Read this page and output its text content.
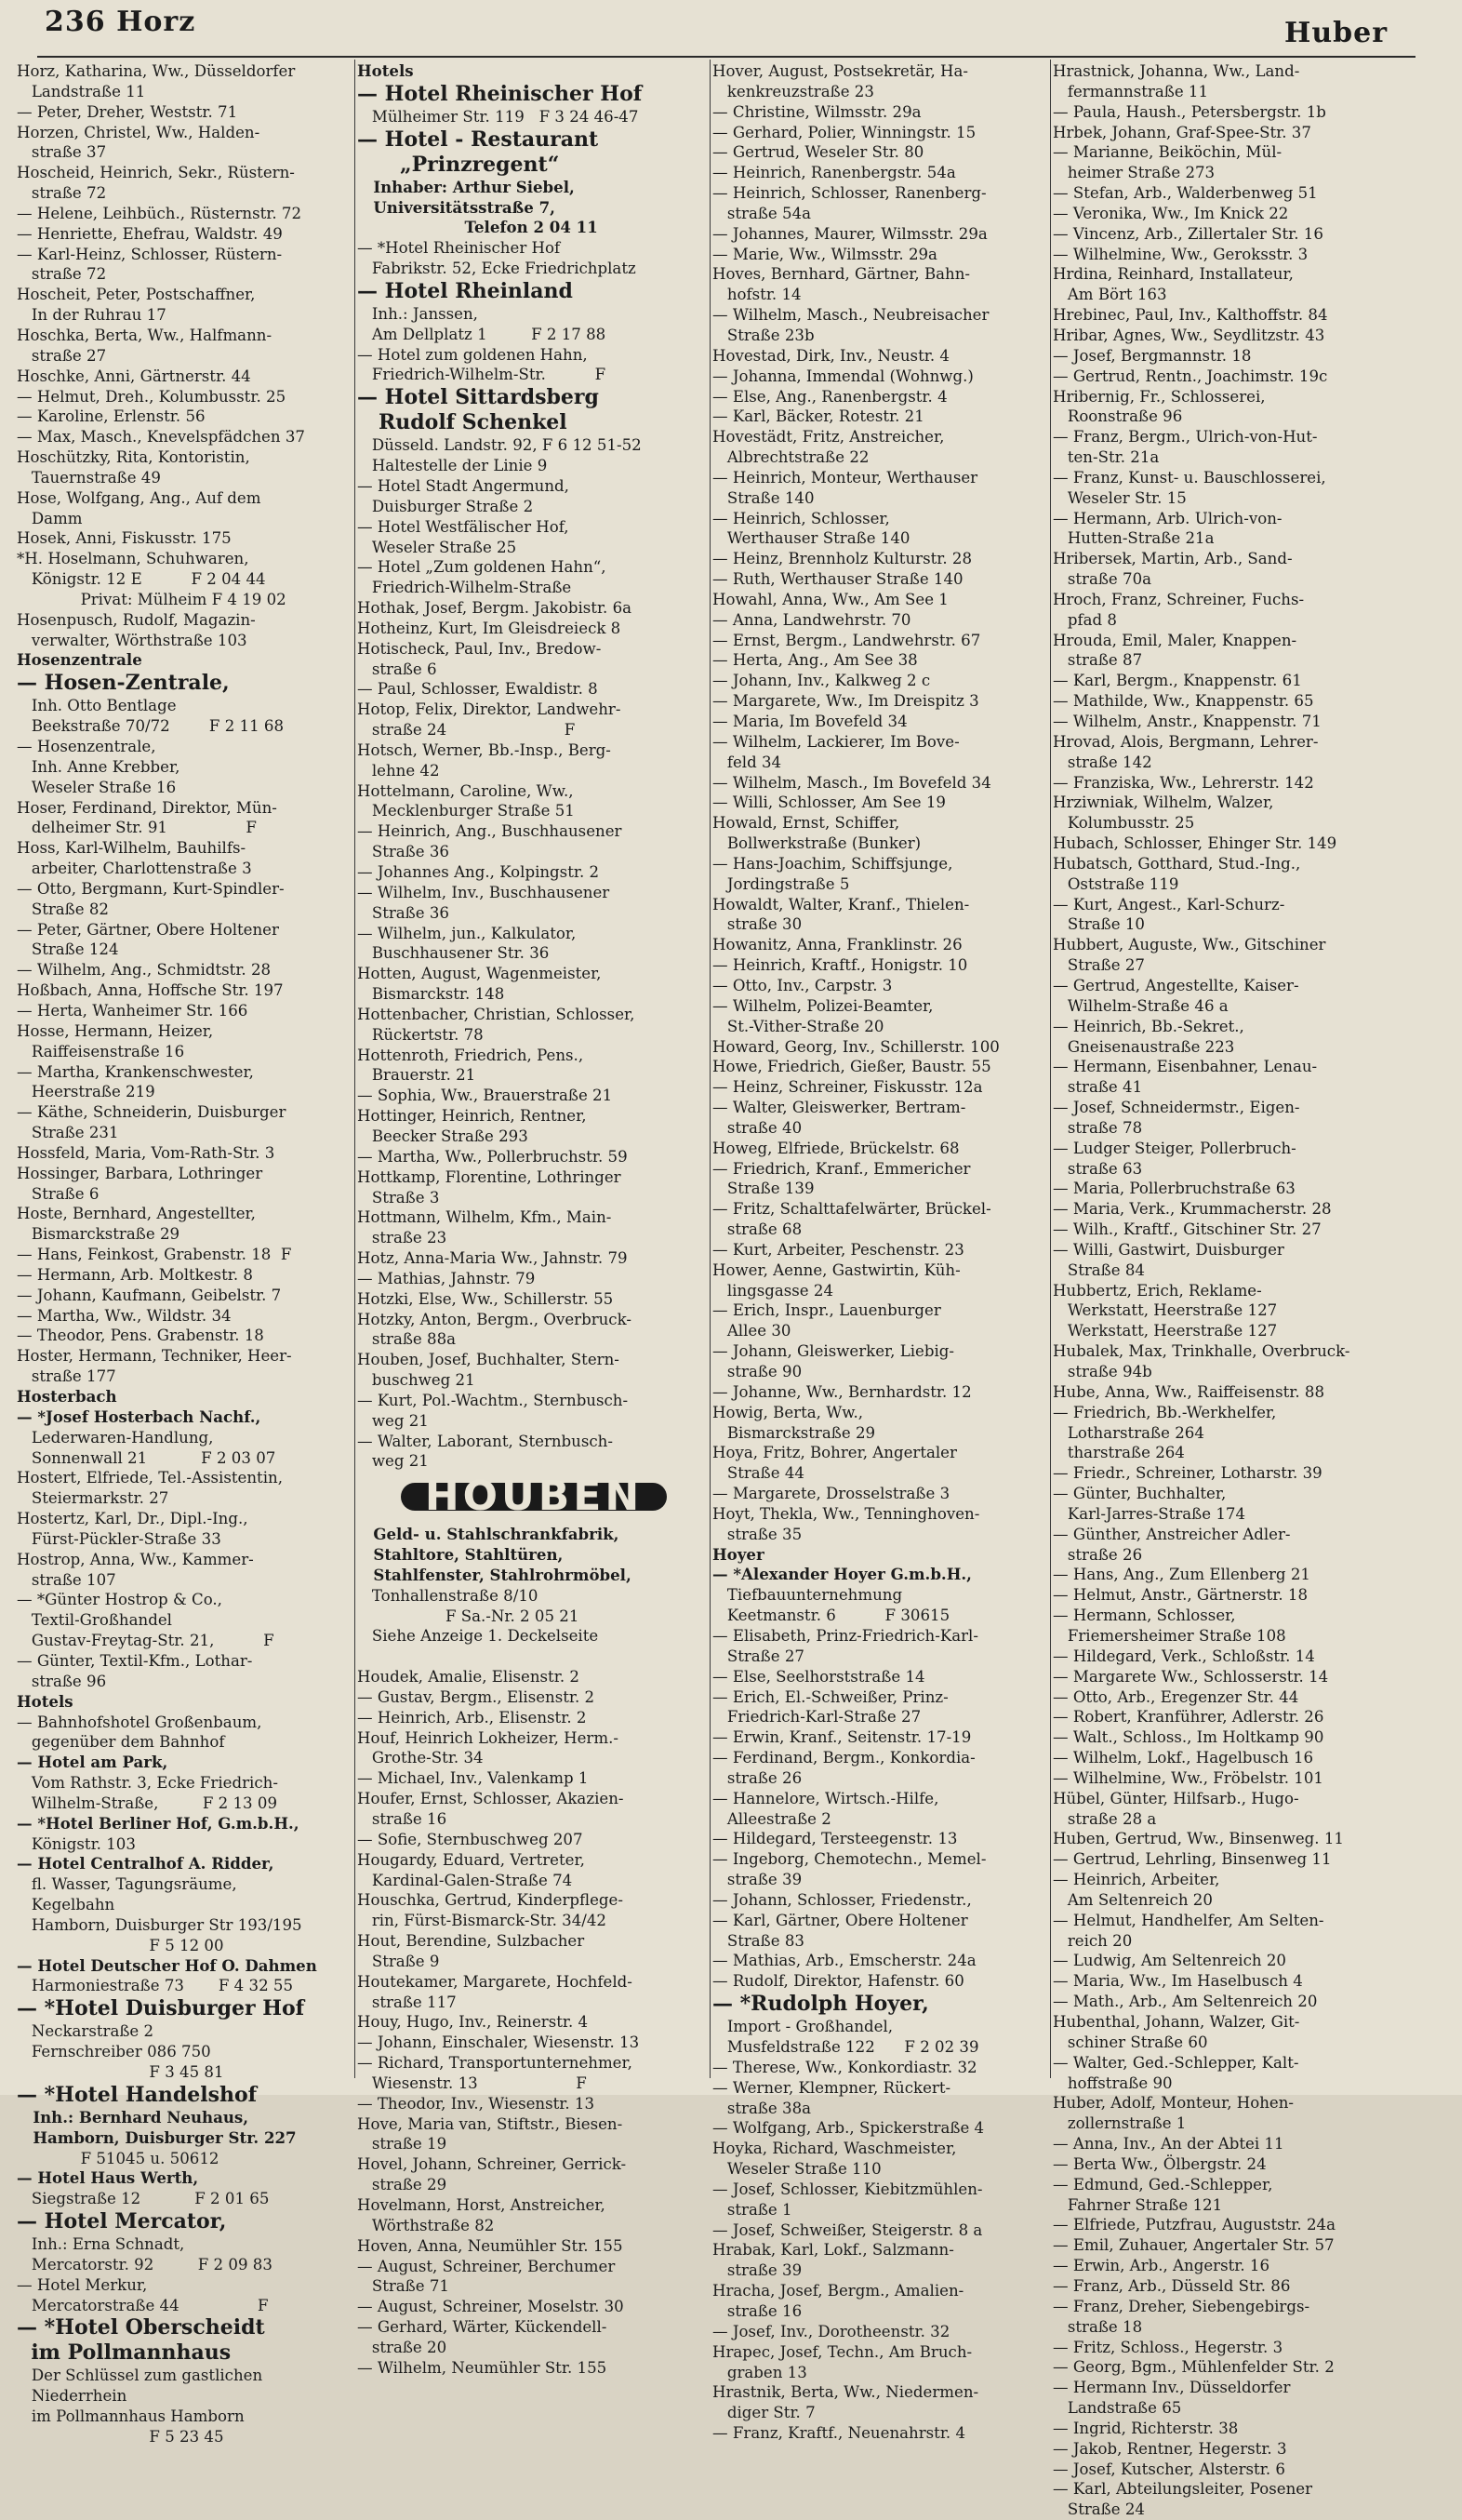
236 Horz	Huber
Horz, Katharina, Ww., Düsseldorfer
Landstraße 11
— Peter, Dreher, Weststr. 71
Horzen, Christel, Ww., Halden-
straße 37
Hoscheid, Heinrich, Sekr., Rüstern-
straße 72
— Helene, Leihbüch., Rüsternstr. 72
— Henriette, Ehefrau, Waldstr. 49
— Karl-Heinz, Schlosser, Rüstern-
straße 72
Hoscheit, Peter, Postschaffner,
In der Ruhrau 17
Hoschka, Berta, Ww., Halfmann-
straße 27
Hoschke, Anni, Gärtnerstr. 44
— Helmut, Dreh., Kolumbusstr. 25
— Karoline, Erlenstr. 56
— Max, Masch., Knevelspfädchen 37
Hoschützky, Rita, Kontoristin,
Tauernstraße 49
Hose, Wolfgang, Ang., Auf dem
Damm
Hosek, Anni, Fiskusstr. 175
*H. Hoselmann, Schuhwaren,
Königstr. 12 E          F 2 04 44
Privat: Mülheim F 4 19 02
Hosenpusch, Rudolf, Magazin-
verwalter, Wörthstraße 103
Hosenzentrale
— Hosen-Zentrale,
Inh. Otto Bentlage
Beekstraße 70/72        F 2 11 68
— Hosenzentrale,
Inh. Anne Krebber,
Weseler Straße 16
Hoser, Ferdinand, Direktor, Mün-
delheimer Str. 91                F
Hoss, Karl-Wilhelm, Bauhilfs-
arbeiter, Charlottenstraße 3
— Otto, Bergmann, Kurt-Spindler-
Straße 82
— Peter, Gärtner, Obere Holtener
Straße 124
— Wilhelm, Ang., Schmidtstr. 28
Hoßbach, Anna, Hoffsche Str. 197
— Herta, Wanheimer Str. 166
Hosse, Hermann, Heizer,
Raiffeisenstraße 16
— Martha, Krankenschwester,
Heerstraße 219
— Käthe, Schneiderin, Duisburger
Straße 231
Hossfeld, Maria, Vom-Rath-Str. 3
Hossinger, Barbara, Lothringer
Straße 6
Hoste, Bernhard, Angestellter,
Bismarckstraße 29
— Hans, Feinkost, Grabenstr. 18  F
— Hermann, Arb. Moltkestr. 8
— Johann, Kaufmann, Geibelstr. 7
— Martha, Ww., Wildstr. 34
— Theodor, Pens. Grabenstr. 18
Hoster, Hermann, Techniker, Heer-
straße 177
Hosterbach
— *Josef Hosterbach Nachf.,
Lederwaren-Handlung,
Sonnenwall 21           F 2 03 07
Hostert, Elfriede, Tel.-Assistentin,
Steiermarkstr. 27
Hostertz, Karl, Dr., Dipl.-Ing.,
Fürst-Pückler-Straße 33
Hostrop, Anna, Ww., Kammer-
straße 107
— *Günter Hostrop & Co.,
Textil-Großhandel
Gustav-Freytag-Str. 21,          F
— Günter, Textil-Kfm., Lothar-
straße 96
Hotels
— Bahnhofshotel Großenbaum,
gegenüber dem Bahnhof
— Hotel am Park,
Vom Rathstr. 3, Ecke Friedrich-
Wilhelm-Straße,         F 2 13 09
— *Hotel Berliner Hof, G.m.b.H.,
Königstr. 103
— Hotel Centralhof A. Ridder,
fl. Wasser, Tagungsräume,
Kegelbahn
Hamborn, Duisburger Str 193/195
F 5 12 00
— Hotel Deutscher Hof O. Dahmen
Harmoniestraße 73       F 4 32 55
— *Hotel Duisburger Hof
Neckarstraße 2
Fernschreiber 086 750
F 3 45 81
— *Hotel Handelshof
Inh.: Bernhard Neuhaus,
Hamborn, Duisburger Str. 227
F 51045 u. 50612
— Hotel Haus Werth,
Siegstraße 12           F 2 01 65
— Hotel Mercator,
Inh.: Erna Schnadt,
Mercatorstr. 92         F 2 09 83
— Hotel Merkur,
Mercatorstraße 44                F
— *Hotel Oberscheidt
im Pollmannhaus
Der Schlüssel zum gastlichen
Niederrhein
im Pollmannhaus Hamborn
F 5 23 45
Hotels
— Hotel Rheinischer Hof
Mülheimer Str. 119   F 3 24 46-47
— Hotel - Restaurant
„Prinzregent“
Inhaber: Arthur Siebel,
Universitätsstraße 7,
Telefon 2 04 11
— *Hotel Rheinischer Hof
Fabrikstr. 52, Ecke Friedrichplatz
— Hotel Rheinland
Inh.: Janssen,
Am Dellplatz 1         F 2 17 88
— Hotel zum goldenen Hahn,
Friedrich-Wilhelm-Str.          F
— Hotel Sittardsberg
Rudolf Schenkel
Düsseld. Landstr. 92, F 6 12 51-52
Haltestelle der Linie 9
— Hotel Stadt Angermund,
Duisburger Straße 2
— Hotel Westfälischer Hof,
Weseler Straße 25
— Hotel „Zum goldenen Hahn“,
Friedrich-Wilhelm-Straße
Hothak, Josef, Bergm. Jakobistr. 6a
Hotheinz, Kurt, Im Gleisdreieck 8
Hotischeck, Paul, Inv., Bredow-
straße 6
— Paul, Schlosser, Ewaldistr. 8
Hotop, Felix, Direktor, Landwehr-
straße 24                        F
Hotsch, Werner, Bb.-Insp., Berg-
lehne 42
Hottelmann, Caroline, Ww.,
Mecklenburger Straße 51
— Heinrich, Ang., Buschhausener
Straße 36
— Johannes Ang., Kolpingstr. 2
— Wilhelm, Inv., Buschhausener
Straße 36
— Wilhelm, jun., Kalkulator,
Buschhausener Str. 36
Hotten, August, Wagenmeister,
Bismarckstr. 148
Hottenbacher, Christian, Schlosser,
Rückertstr. 78
Hottenroth, Friedrich, Pens.,
Brauerstr. 21
— Sophia, Ww., Brauerstraße 21
Hottinger, Heinrich, Rentner,
Beecker Straße 293
— Martha, Ww., Pollerbruchstr. 59
Hottkamp, Florentine, Lothringer
Straße 3
Hottmann, Wilhelm, Kfm., Main-
straße 23
Hotz, Anna-Maria Ww., Jahnstr. 79
— Mathias, Jahnstr. 79
Hotzki, Else, Ww., Schillerstr. 55
Hotzky, Anton, Bergm., Overbruck-
straße 88a
Houben, Josef, Buchhalter, Stern-
buschweg 21
— Kurt, Pol.-Wachtm., Sternbusch-
weg 21
— Walter, Laborant, Sternbusch-
weg 21
HOUBEN
Geld- u. Stahlschrankfabrik,
Stahltore, Stahltüren,
Stahlfenster, Stahlrohrmöbel,
Tonhallenstraße 8/10
F Sa.-Nr. 2 05 21
Siehe Anzeige 1. Deckelseite

Houdek, Amalie, Elisenstr. 2
— Gustav, Bergm., Elisenstr. 2
— Heinrich, Arb., Elisenstr. 2
Houf, Heinrich Lokheizer, Herm.-
Grothe-Str. 34
— Michael, Inv., Valenkamp 1
Houfer, Ernst, Schlosser, Akazien-
straße 16
— Sofie, Sternbuschweg 207
Hougardy, Eduard, Vertreter,
Kardinal-Galen-Straße 74
Houschka, Gertrud, Kinderpflege-
rin, Fürst-Bismarck-Str. 34/42
Hout, Berendine, Sulzbacher
Straße 9
Houtekamer, Margarete, Hochfeld-
straße 117
Houy, Hugo, Inv., Reinerstr. 4
— Johann, Einschaler, Wiesenstr. 13
— Richard, Transportunternehmer,
Wiesenstr. 13                    F
— Theodor, Inv., Wiesenstr. 13
Hove, Maria van, Stiftstr., Biesen-
straße 19
Hovel, Johann, Schreiner, Gerrick-
straße 29
Hovelmann, Horst, Anstreicher,
Wörthstraße 82
Hoven, Anna, Neumühler Str. 155
— August, Schreiner, Berchumer
Straße 71
— August, Schreiner, Moselstr. 30
— Gerhard, Wärter, Kückendell-
straße 20
— Wilhelm, Neumühler Str. 155
Hover, August, Postsekretär, Ha-
kenkreuzstraße 23
— Christine, Wilmsstr. 29a
— Gerhard, Polier, Winningstr. 15
— Gertrud, Weseler Str. 80
— Heinrich, Ranenbergstr. 54a
— Heinrich, Schlosser, Ranenberg-
straße 54a
— Johannes, Maurer, Wilmsstr. 29a
— Marie, Ww., Wilmsstr. 29a
Hoves, Bernhard, Gärtner, Bahn-
hofstr. 14
— Wilhelm, Masch., Neubreisacher
Straße 23b
Hovestad, Dirk, Inv., Neustr. 4
— Johanna, Immendal (Wohnwg.)
— Else, Ang., Ranenbergstr. 4
— Karl, Bäcker, Rotestr. 21
Hovestädt, Fritz, Anstreicher,
Albrechtstraße 22
— Heinrich, Monteur, Werthauser
Straße 140
— Heinrich, Schlosser,
Werthauser Straße 140
— Heinz, Brennholz Kulturstr. 28
— Ruth, Werthauser Straße 140
Howahl, Anna, Ww., Am See 1
— Anna, Landwehrstr. 70
— Ernst, Bergm., Landwehrstr. 67
— Herta, Ang., Am See 38
— Johann, Inv., Kalkweg 2 c
— Margarete, Ww., Im Dreispitz 3
— Maria, Im Bovefeld 34
— Wilhelm, Lackierer, Im Bove-
feld 34
— Wilhelm, Masch., Im Bovefeld 34
— Willi, Schlosser, Am See 19
Howald, Ernst, Schiffer,
Bollwerkstraße (Bunker)
— Hans-Joachim, Schiffsjunge,
Jordingstraße 5
Howaldt, Walter, Kranf., Thielen-
straße 30
Howanitz, Anna, Franklinstr. 26
— Heinrich, Kraftf., Honigstr. 10
— Otto, Inv., Carpstr. 3
— Wilhelm, Polizei-Beamter,
St.-Vither-Straße 20
Howard, Georg, Inv., Schillerstr. 100
Howe, Friedrich, Gießer, Baustr. 55
— Heinz, Schreiner, Fiskusstr. 12a
— Walter, Gleiswerker, Bertram-
straße 40
Howeg, Elfriede, Brückelstr. 68
— Friedrich, Kranf., Emmericher
Straße 139
— Fritz, Schalttafelwärter, Brückel-
straße 68
— Kurt, Arbeiter, Peschenstr. 23
Hower, Aenne, Gastwirtin, Küh-
lingsgasse 24
— Erich, Inspr., Lauenburger
Allee 30
— Johann, Gleiswerker, Liebig-
straße 90
— Johanne, Ww., Bernhardstr. 12
Howig, Berta, Ww.,
Bismarckstraße 29
Hoya, Fritz, Bohrer, Angertaler
Straße 44
— Margarete, Drosselstraße 3
Hoyt, Thekla, Ww., Tenninghoven-
straße 35
Hoyer
— *Alexander Hoyer G.m.b.H.,
Tiefbauunternehmung
Keetmanstr. 6          F 30615
— Elisabeth, Prinz-Friedrich-Karl-
Straße 27
— Else, Seelhorststraße 14
— Erich, El.-Schweißer, Prinz-
Friedrich-Karl-Straße 27
— Erwin, Kranf., Seitenstr. 17-19
— Ferdinand, Bergm., Konkordia-
straße 26
— Hannelore, Wirtsch.-Hilfe,
Alleestraße 2
— Hildegard, Tersteegenstr. 13
— Ingeborg, Chemotechn., Memel-
straße 39
— Johann, Schlosser, Friedenstr.,
— Karl, Gärtner, Obere Holtener
Straße 83
— Mathias, Arb., Emscherstr. 24a
— Rudolf, Direktor, Hafenstr. 60
— *Rudolph Hoyer,
Import - Großhandel,
Musfeldstraße 122      F 2 02 39
— Therese, Ww., Konkordiastr. 32
— Werner, Klempner, Rückert-
straße 38a
— Wolfgang, Arb., Spickerstraße 4
Hoyka, Richard, Waschmeister,
Weseler Straße 110
— Josef, Schlosser, Kiebitzmühlen-
straße 1
— Josef, Schweißer, Steigerstr. 8 a
Hrabak, Karl, Lokf., Salzmann-
straße 39
Hracha, Josef, Bergm., Amalien-
straße 16
— Josef, Inv., Dorotheenstr. 32
Hrapec, Josef, Techn., Am Bruch-
graben 13
Hrastnik, Berta, Ww., Niedermen-
diger Str. 7
— Franz, Kraftf., Neuenahrstr. 4
Hrastnick, Johanna, Ww., Land-
fermannstraße 11
— Paula, Haush., Petersbergstr. 1b
Hrbek, Johann, Graf-Spee-Str. 37
— Marianne, Beiköchin, Mül-
heimer Straße 273
— Stefan, Arb., Walderbenweg 51
— Veronika, Ww., Im Knick 22
— Vincenz, Arb., Zillertaler Str. 16
— Wilhelmine, Ww., Geroksstr. 3
Hrdina, Reinhard, Installateur,
Am Bört 163
Hrebinec, Paul, Inv., Kalthoffstr. 84
Hribar, Agnes, Ww., Seydlitzstr. 43
— Josef, Bergmannstr. 18
— Gertrud, Rentn., Joachimstr. 19c
Hribernig, Fr., Schlosserei,
Roonstraße 96
— Franz, Bergm., Ulrich-von-Hut-
ten-Str. 21a
— Franz, Kunst- u. Bauschlosserei,
Weseler Str. 15
— Hermann, Arb. Ulrich-von-
Hutten-Straße 21a
Hribersek, Martin, Arb., Sand-
straße 70a
Hroch, Franz, Schreiner, Fuchs-
pfad 8
Hrouda, Emil, Maler, Knappen-
straße 87
— Karl, Bergm., Knappenstr. 61
— Mathilde, Ww., Knappenstr. 65
— Wilhelm, Anstr., Knappenstr. 71
Hrovad, Alois, Bergmann, Lehrer-
straße 142
— Franziska, Ww., Lehrerstr. 142
Hrziwniak, Wilhelm, Walzer,
Kolumbusstr. 25
Hubach, Schlosser, Ehinger Str. 149
Hubatsch, Gotthard, Stud.-Ing.,
Oststraße 119
— Kurt, Angest., Karl-Schurz-
Straße 10
Hubbert, Auguste, Ww., Gitschiner
Straße 27
— Gertrud, Angestellte, Kaiser-
Wilhelm-Straße 46 a
— Heinrich, Bb.-Sekret.,
Gneisenaustraße 223
— Hermann, Eisenbahner, Lenau-
straße 41
— Josef, Schneidermstr., Eigen-
straße 78
— Ludger Steiger, Pollerbruch-
straße 63
— Maria, Pollerbruchstraße 63
— Maria, Verk., Krummacherstr. 28
— Wilh., Kraftf., Gitschiner Str. 27
— Willi, Gastwirt, Duisburger
Straße 84
Hubbertz, Erich, Reklame-
Werkstatt, Heerstraße 127
Werkstatt, Heerstraße 127
Hubalek, Max, Trinkhalle, Overbruck-
straße 94b
Hube, Anna, Ww., Raiffeisenstr. 88
— Friedrich, Bb.-Werkhelfer,
Lotharstraße 264
tharstraße 264
— Friedr., Schreiner, Lotharstr. 39
— Günter, Buchhalter,
Karl-Jarres-Straße 174
— Günther, Anstreicher Adler-
straße 26
— Hans, Ang., Zum Ellenberg 21
— Helmut, Anstr., Gärtnerstr. 18
— Hermann, Schlosser,
Friemersheimer Straße 108
— Hildegard, Verk., Schloßstr. 14
— Margarete Ww., Schlosserstr. 14
— Otto, Arb., Eregenzer Str. 44
— Robert, Kranführer, Adlerstr. 26
— Walt., Schloss., Im Holtkamp 90
— Wilhelm, Lokf., Hagelbusch 16
— Wilhelmine, Ww., Fröbelstr. 101
Hübel, Günter, Hilfsarb., Hugo-
straße 28 a
Huben, Gertrud, Ww., Binsenweg. 11
— Gertrud, Lehrling, Binsenweg 11
— Heinrich, Arbeiter,
Am Seltenreich 20
— Helmut, Handhelfer, Am Selten-
reich 20
— Ludwig, Am Seltenreich 20
— Maria, Ww., Im Haselbusch 4
— Math., Arb., Am Seltenreich 20
Hubenthal, Johann, Walzer, Git-
schiner Straße 60
— Walter, Ged.-Schlepper, Kalt-
hoffstraße 90
Huber, Adolf, Monteur, Hohen-
zollernstraße 1
— Anna, Inv., An der Abtei 11
— Berta Ww., Ölbergstr. 24
— Edmund, Ged.-Schlepper,
Fahrner Straße 121
— Elfriede, Putzfrau, Auguststr. 24a
— Emil, Zuhauer, Angertaler Str. 57
— Erwin, Arb., Angerstr. 16
— Franz, Arb., Düsseld Str. 86
— Franz, Dreher, Siebengebirgs-
straße 18
— Fritz, Schloss., Hegerstr. 3
— Georg, Bgm., Mühlenfelder Str. 2
— Hermann Inv., Düsseldorfer
Landstraße 65
— Ingrid, Richterstr. 38
— Jakob, Rentner, Hegerstr. 3
— Josef, Kutscher, Alsterstr. 6
— Karl, Abteilungsleiter, Posener
Straße 24
